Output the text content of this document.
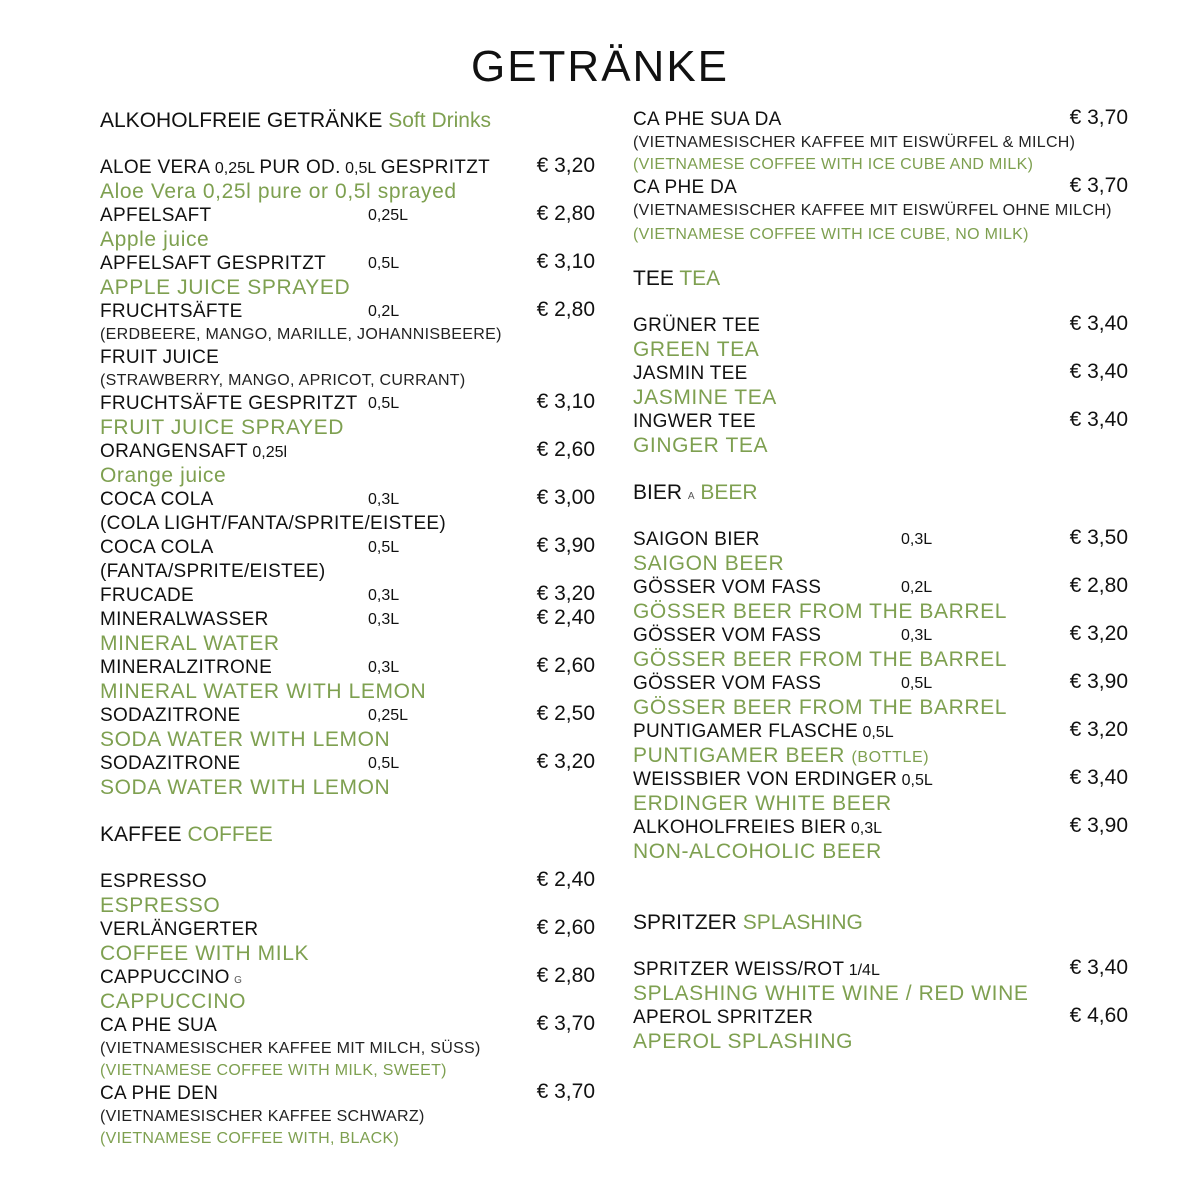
GETRÄNKE
ALKOHOLFREIE GETRÄNKE Soft Drinks
ALOE VERA 0,25L PUR OD. 0,5L GESPRITZT € 3,20
Aloe Vera 0,25l pure or 0,5l sprayed
APFELSAFT	0,25L	€ 2,80
Apple juice
APFELSAFT GESPRITZT	0,5L	€ 3,10
APPLE JUICE SPRAYED
FRUCHTSÄFTE	0,2L	€ 2,80
(ERDBEERE, MANGO, MARILLE, JOHANNISBEERE)
FRUIT JUICE
(STRAWBERRY, MANGO, APRICOT, CURRANT)
FRUCHTSÄFTE GESPRITZT 0,5L	€ 3,10
FRUIT JUICE SPRAYED
ORANGENSAFT 0,25l	€ 2,60
Orange juice
COCA COLA	0,3L	€ 3,00
(COLA LIGHT/FANTA/SPRITE/EISTEE)
COCA COLA	0,5L	€ 3,90
(FANTA/SPRITE/EISTEE)
FRUCADE	0,3L	€ 3,20
MINERALWASSER	0,3L	€ 2,40
MINERAL WATER
MINERALZITRONE	0,3L	€ 2,60
MINERAL WATER WITH LEMON
SODAZITRONE	0,25L	€ 2,50
SODA WATER WITH LEMON
SODAZITRONE	0,5L	€ 3,20
SODA WATER WITH LEMON
KAFFEE COFFEE
ESPRESSO	€ 2,40
ESPRESSO
VERLÄNGERTER	€ 2,60
COFFEE WITH MILK
CAPPUCCINO G	€ 2,80
CAPPUCCINO
CA PHE SUA	€ 3,70
(VIETNAMESISCHER KAFFEE MIT MILCH, SÜSS)
(VIETNAMESE COFFEE WITH MILK, SWEET)
CA PHE DEN	€ 3,70
(VIETNAMESISCHER KAFFEE SCHWARZ)
(VIETNAMESE COFFEE WITH, BLACK)
CA PHE SUA DA	€ 3,70
(VIETNAMESISCHER KAFFEE MIT EISWÜRFEL & MILCH)
(VIETNAMESE COFFEE WITH ICE CUBE AND MILK)
CA PHE DA	€ 3,70
(VIETNAMESISCHER KAFFEE MIT EISWÜRFEL OHNE MILCH)
(VIETNAMESE COFFEE WITH ICE CUBE, NO MILK)
TEE TEA
GRÜNER TEE	€ 3,40
GREEN TEA
JASMIN TEE	€ 3,40
JASMINE TEA
INGWER TEE	€ 3,40
GINGER TEA
BIER A BEER
SAIGON BIER	0,3L	€ 3,50
SAIGON BEER
GÖSSER VOM FASS	0,2L	€ 2,80
GÖSSER BEER FROM THE BARREL
GÖSSER VOM FASS	0,3L	€ 3,20
GÖSSER BEER FROM THE BARREL
GÖSSER VOM FASS	0,5L	€ 3,90
GÖSSER BEER FROM THE BARREL
PUNTIGAMER FLASCHE 0,5L	€ 3,20
PUNTIGAMER BEER (BOTTLE)
WEISSBIER VON ERDINGER 0,5L	€ 3,40
ERDINGER WHITE BEER
ALKOHOLFREIES BIER 0,3L	€ 3,90
NON-ALCOHOLIC BEER
SPRITZER SPLASHING
SPRITZER WEISS/ROT 1/4L	€ 3,40
SPLASHING WHITE WINE / RED WINE
APEROL SPRITZER	€ 4,60
APEROL SPLASHING
